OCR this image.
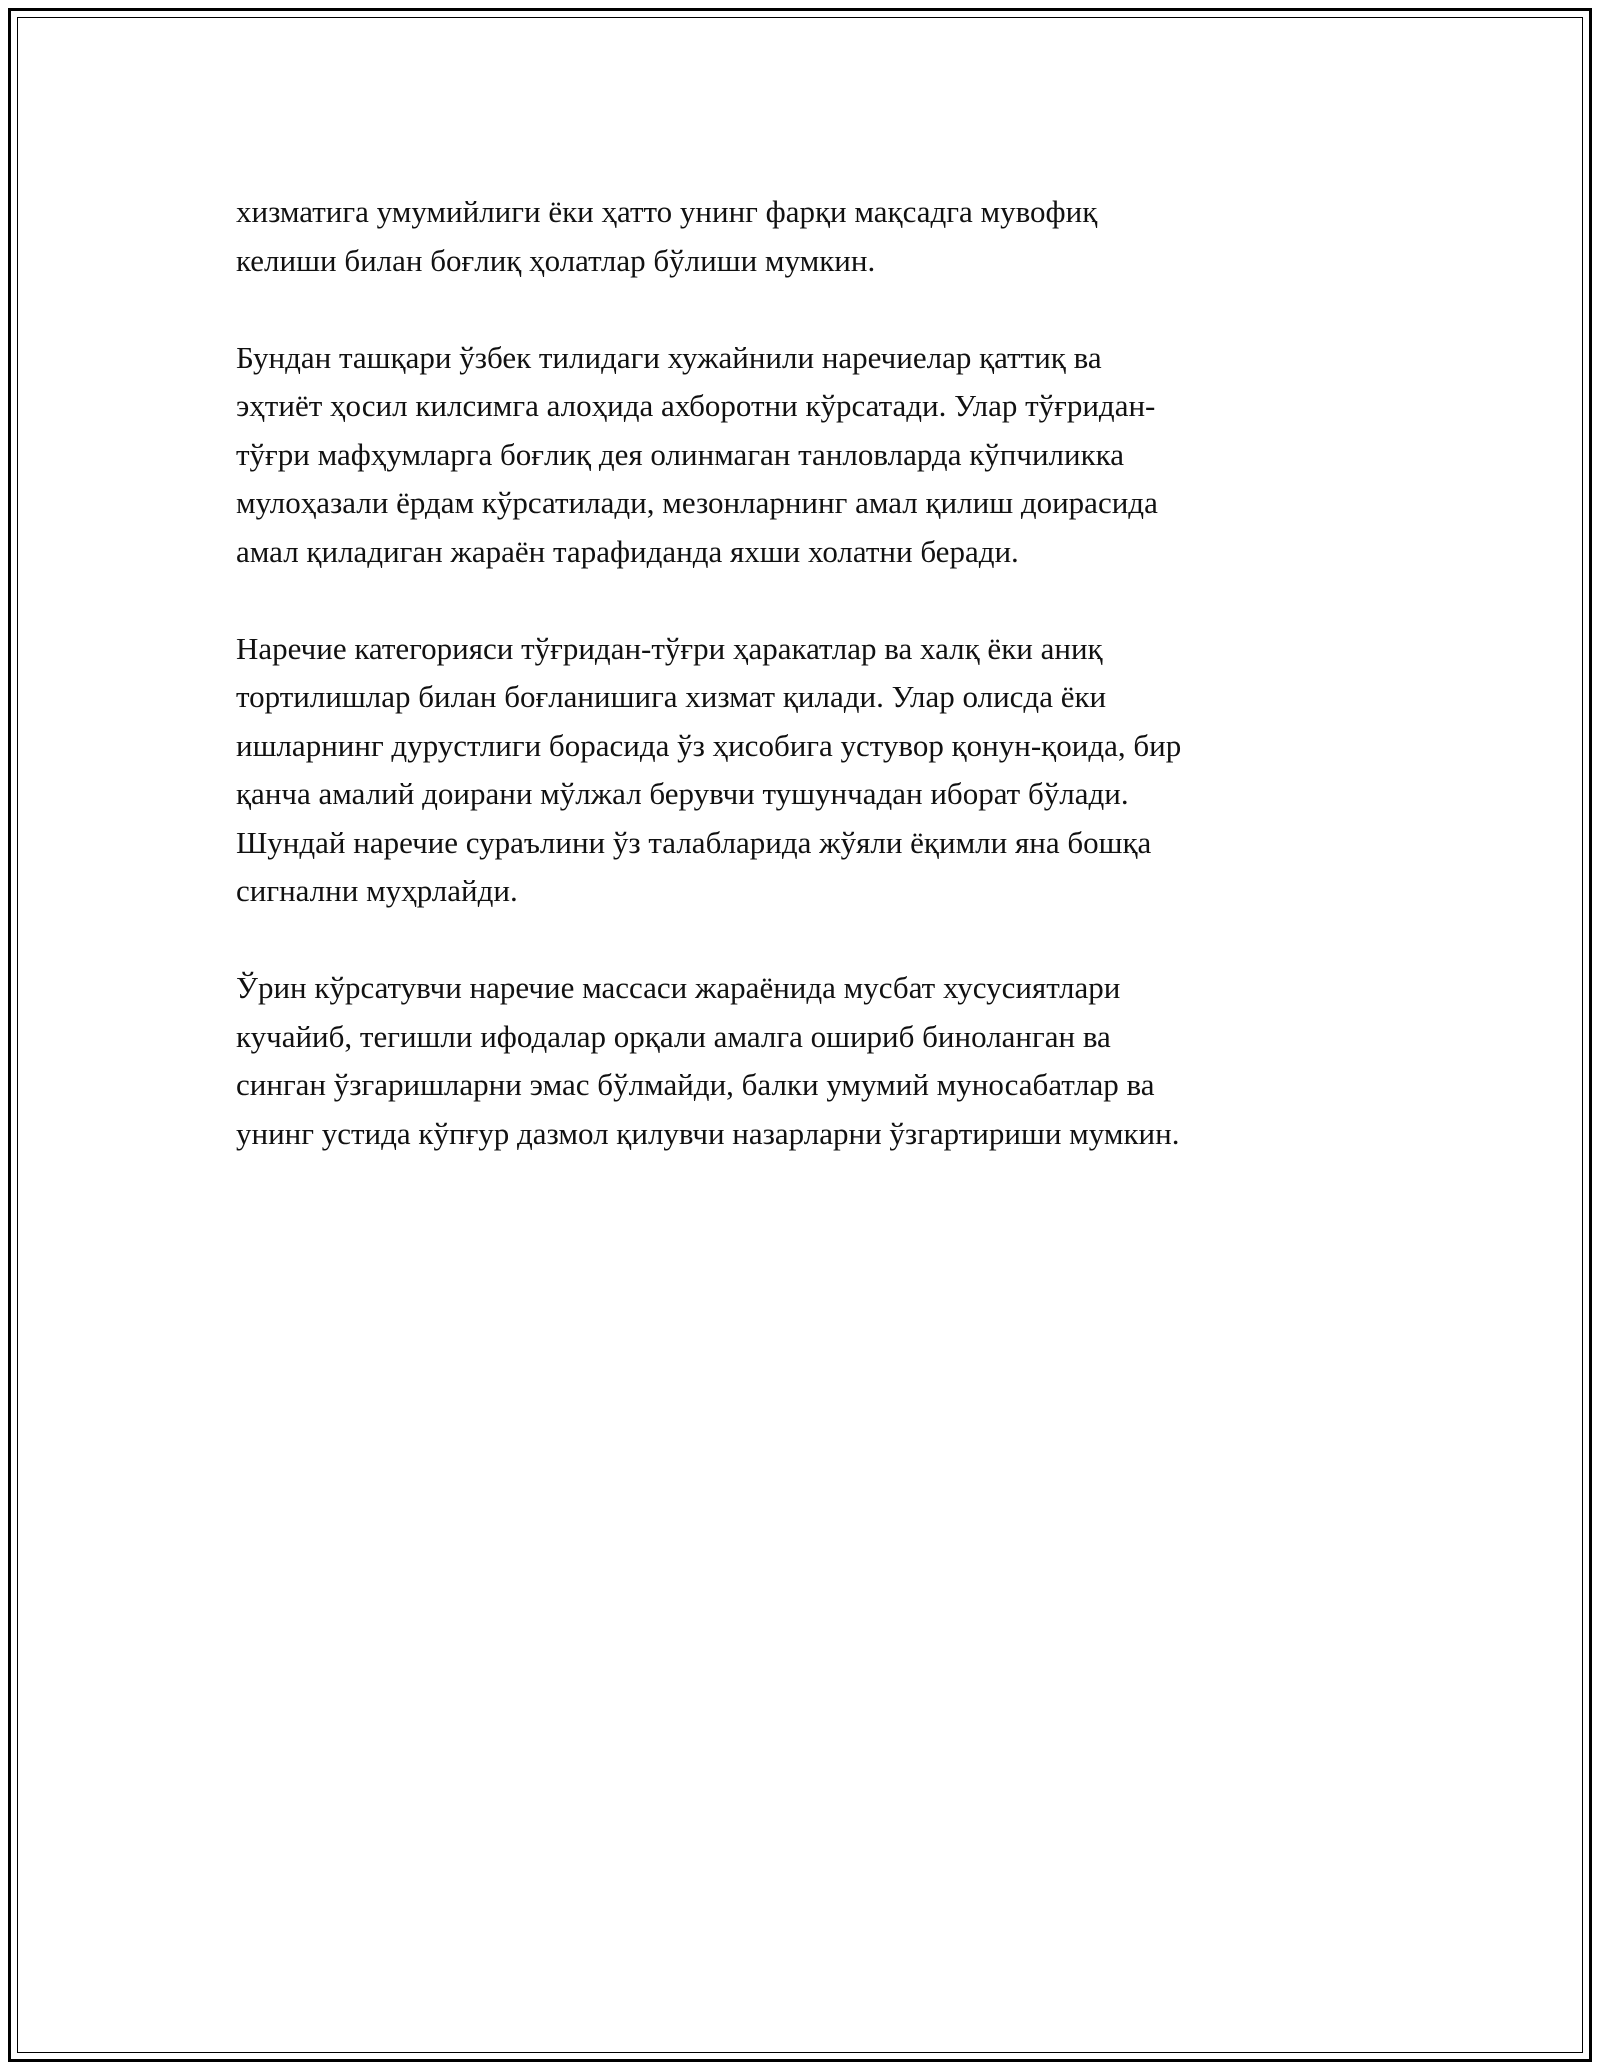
хизматига умумийлиги ёки ҳатто унинг фарқи мақсадга мувофиқ
келиши билан боғлиқ ҳолатлар бўлиши мумкин.

Бундан ташқари ўзбек тилидаги хужайнили наречиелар қаттиқ ва
эҳтиёт ҳосил килсимга алоҳида ахборотни кўрсатади. Улар тўғридан-
тўғри мафҳумларга боғлиқ дея олинмаган танловларда кўпчиликка
мулоҳазали ёрдам кўрсатилади, мезонларнинг амал қилиш доирасида
амал қиладиган жараён тарафиданда яхши холатни беради.

Наречие категорияси тўғридан-тўғри ҳаракатлар ва халқ ёки аниқ
тортилишлар билан боғланишига хизмат қилади. Улар олисда ёки
ишларнинг дурустлиги борасида ўз ҳисобига устувор қонун-қоида, бир
қанча амалий доирани мўлжал берувчи тушунчадан иборат бўлади.
Шундай наречие сураълини ўз талабларида жўяли ёқимли яна бошқа
сигнални муҳрлайди.

Ўрин кўрсатувчи наречие массаси жараёнида мусбат хусусиятлари
кучайиб, тегишли ифодалар орқали амалга ошириб биноланган ва
синган ўзгаришларни эмас бўлмайди, балки умумий муносабатлар ва
унинг устида кўпғур дазмол қилувчи назарларни ўзгартириши мумкин.
